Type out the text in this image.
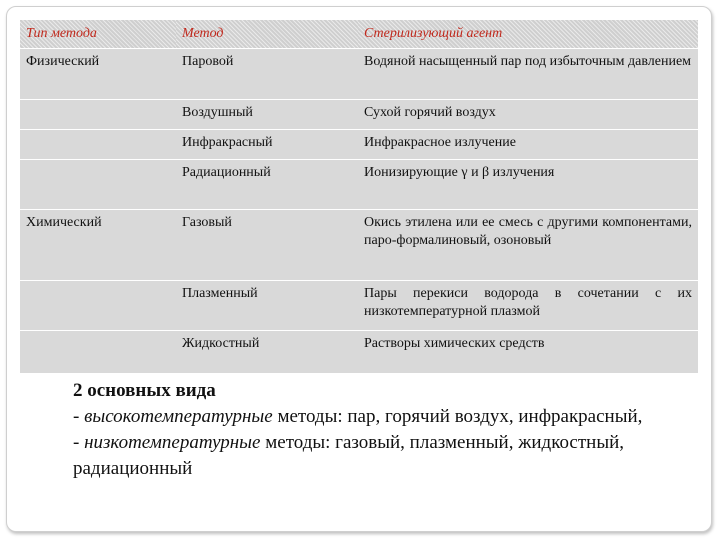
Тип метода	Метод	Стерилизующий агент
Физический	Паровой	Водяной насыщенный пар под избыточным давлением
	Воздушный	Сухой горячий воздух
	Инфракрасный	Инфракрасное излучение
	Радиационный	Ионизирующие γ и β излучения
Химический	Газовый	Окись этилена или ее смесь с другими компонентами, паро-формалиновый, озоновый
	Плазменный	Пары перекиси водорода в сочетании с их низкотемпературной плазмой
	Жидкостный	Растворы химических средств
2 основных вида
- высокотемпературные методы: пар, горячий воздух, инфракрасный,
- низкотемпературные методы: газовый, плазменный, жидкостный, радиационный
